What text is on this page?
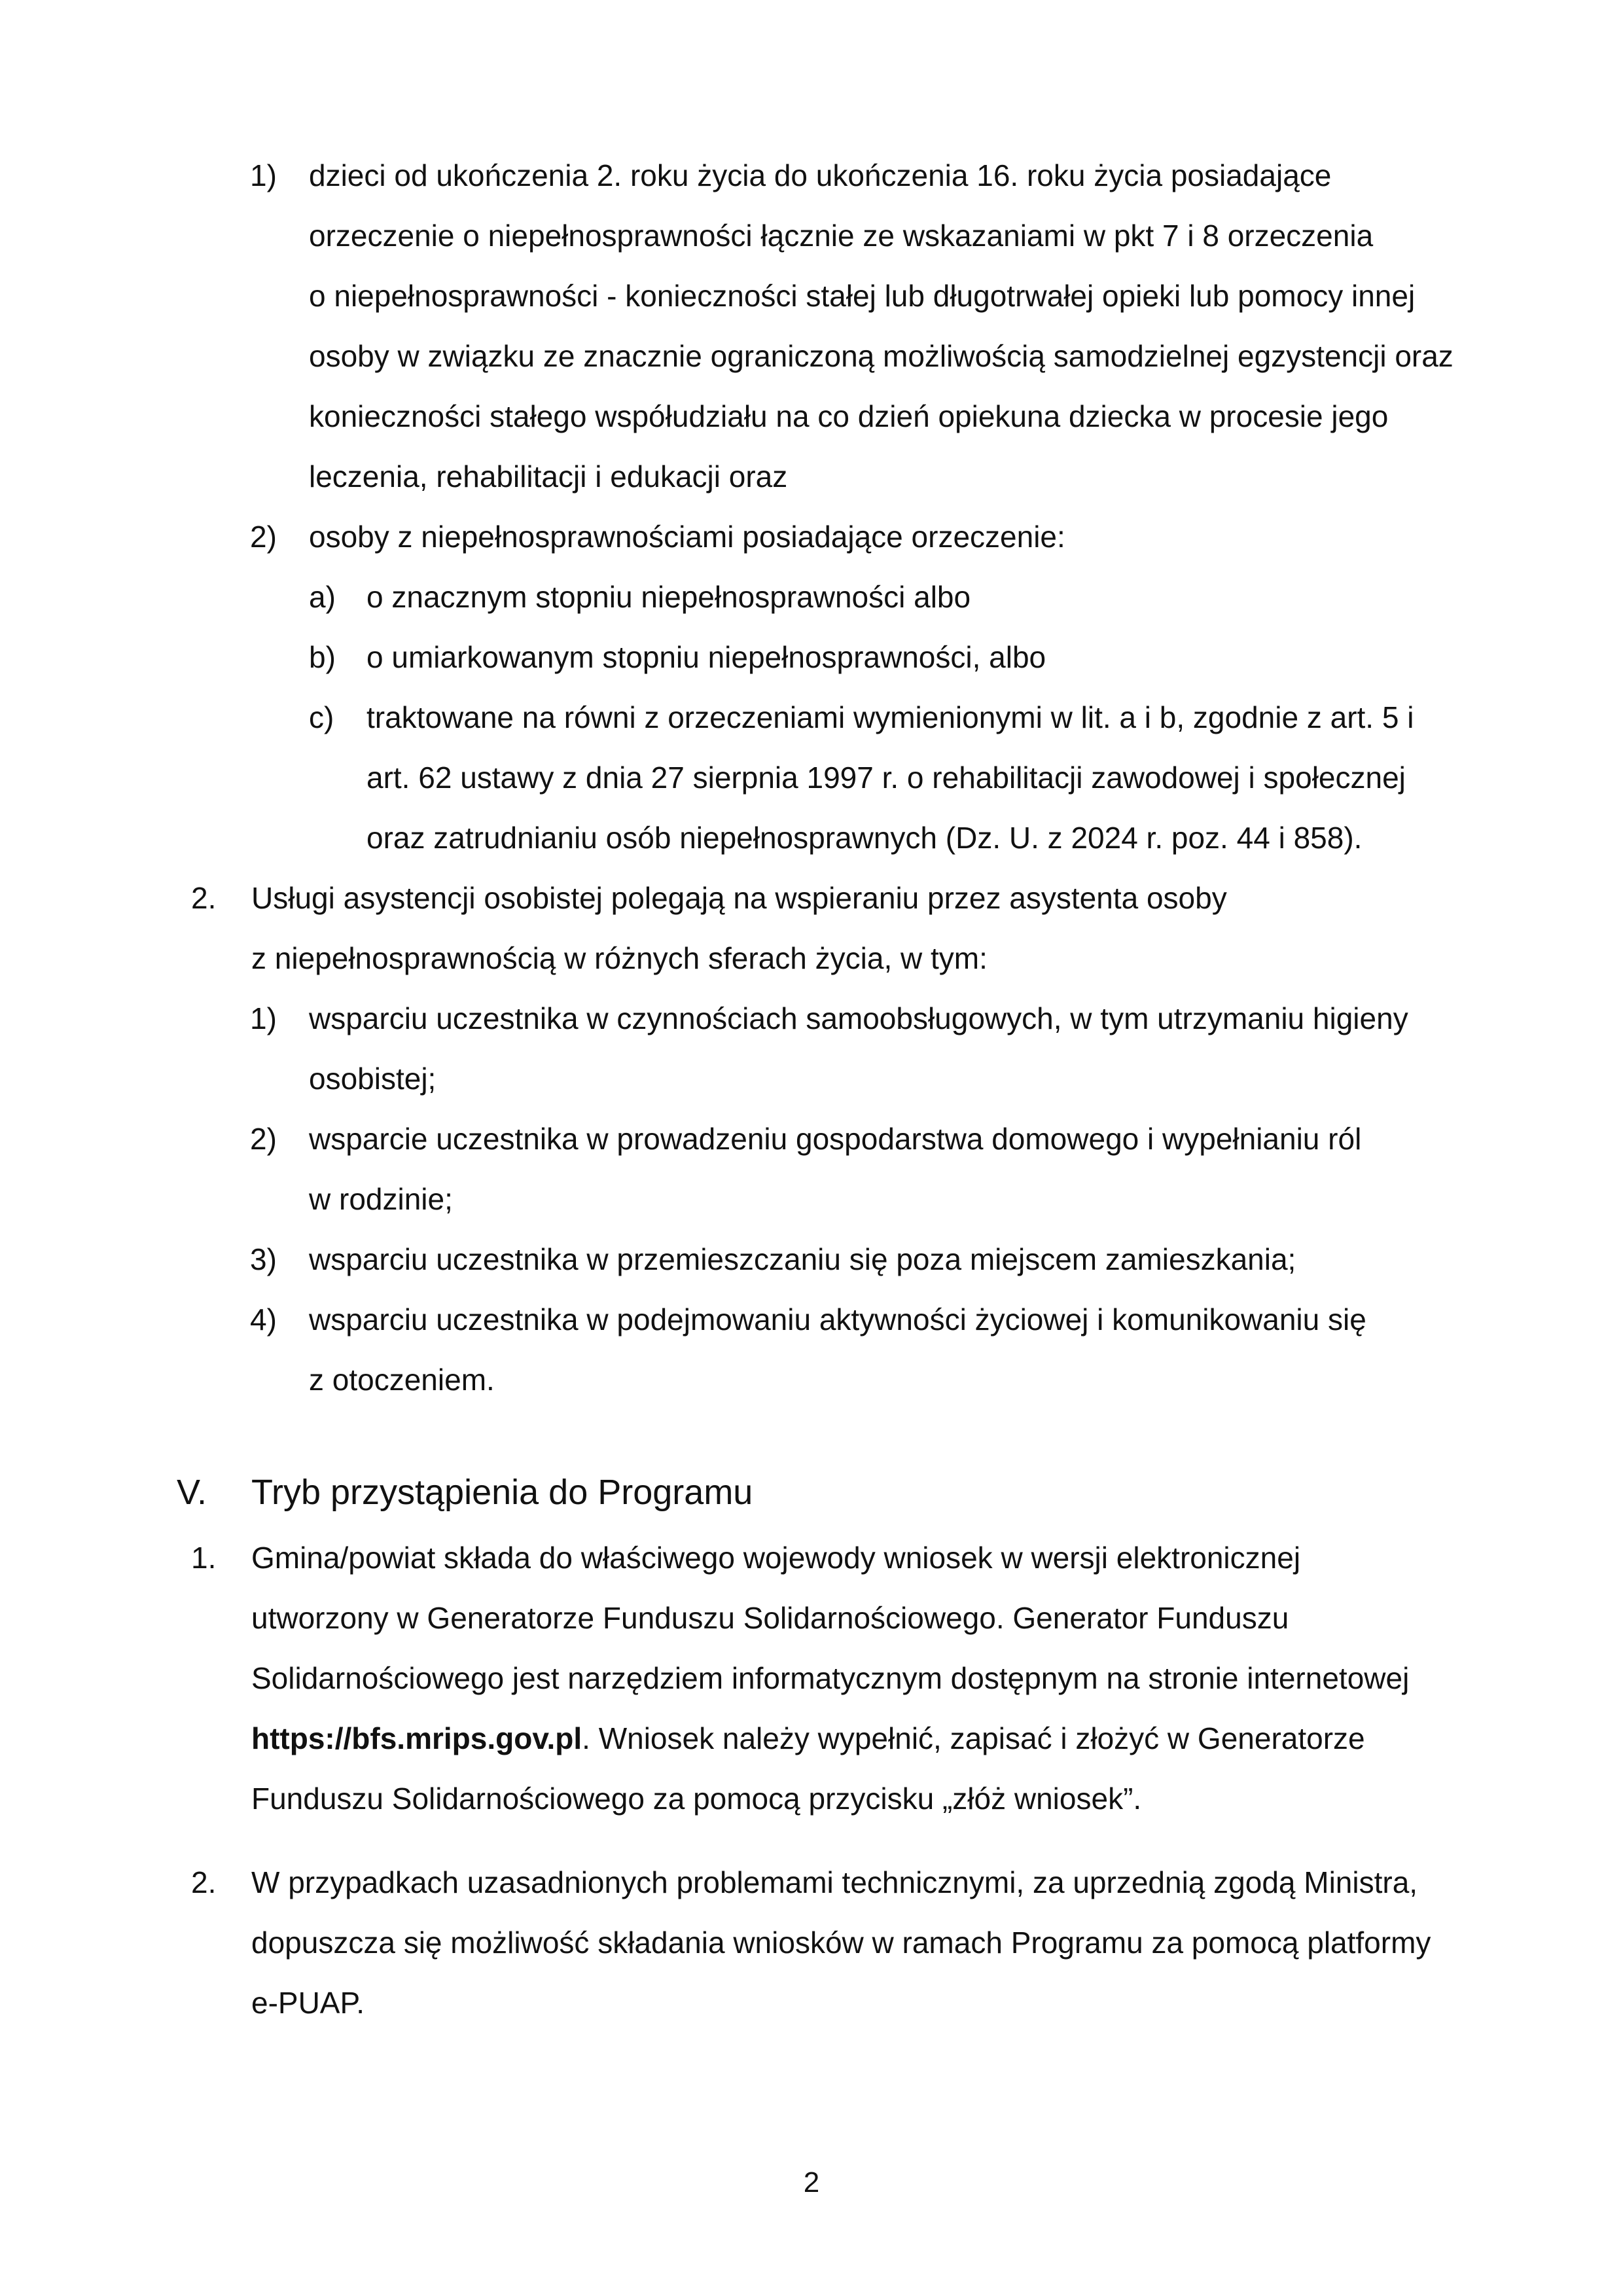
1) dzieci od ukończenia 2. roku życia do ukończenia 16. roku życia posiadające
orzeczenie o niepełnosprawności łącznie ze wskazaniami w pkt 7 i 8 orzeczenia
o niepełnosprawności - konieczności stałej lub długotrwałej opieki lub pomocy innej
osoby w związku ze znacznie ograniczoną możliwością samodzielnej egzystencji oraz
konieczności stałego współudziału na co dzień opiekuna dziecka w procesie jego
leczenia, rehabilitacji i edukacji oraz
2) osoby z niepełnosprawnościami posiadające orzeczenie:
a) o znacznym stopniu niepełnosprawności albo
b) o umiarkowanym stopniu niepełnosprawności, albo
c) traktowane na równi z orzeczeniami wymienionymi w lit. a i b, zgodnie z art. 5 i
art. 62 ustawy z dnia 27 sierpnia 1997 r. o rehabilitacji zawodowej i społecznej
oraz zatrudnianiu osób niepełnosprawnych (Dz. U. z 2024 r. poz. 44 i 858).
2. Usługi asystencji osobistej polegają na wspieraniu przez asystenta osoby
z niepełnosprawnością w różnych sferach życia, w tym:
1) wsparciu uczestnika w czynnościach samoobsługowych, w tym utrzymaniu higieny
osobistej;
2) wsparcie uczestnika w prowadzeniu gospodarstwa domowego i wypełnianiu ról
w rodzinie;
3) wsparciu uczestnika w przemieszczaniu się poza miejscem zamieszkania;
4) wsparciu uczestnika w podejmowaniu aktywności życiowej i komunikowaniu się
z otoczeniem.
V. Tryb przystąpienia do Programu
1. Gmina/powiat składa do właściwego wojewody wniosek w wersji elektronicznej
utworzony w Generatorze Funduszu Solidarnościowego. Generator Funduszu
Solidarnościowego jest narzędziem informatycznym dostępnym na stronie internetowej
https://bfs.mrips.gov.pl. Wniosek należy wypełnić, zapisać i złożyć w Generatorze
Funduszu Solidarnościowego za pomocą przycisku „złóż wniosek”.
2. W przypadkach uzasadnionych problemami technicznymi, za uprzednią zgodą Ministra,
dopuszcza się możliwość składania wniosków w ramach Programu za pomocą platformy
e-PUAP.
2
